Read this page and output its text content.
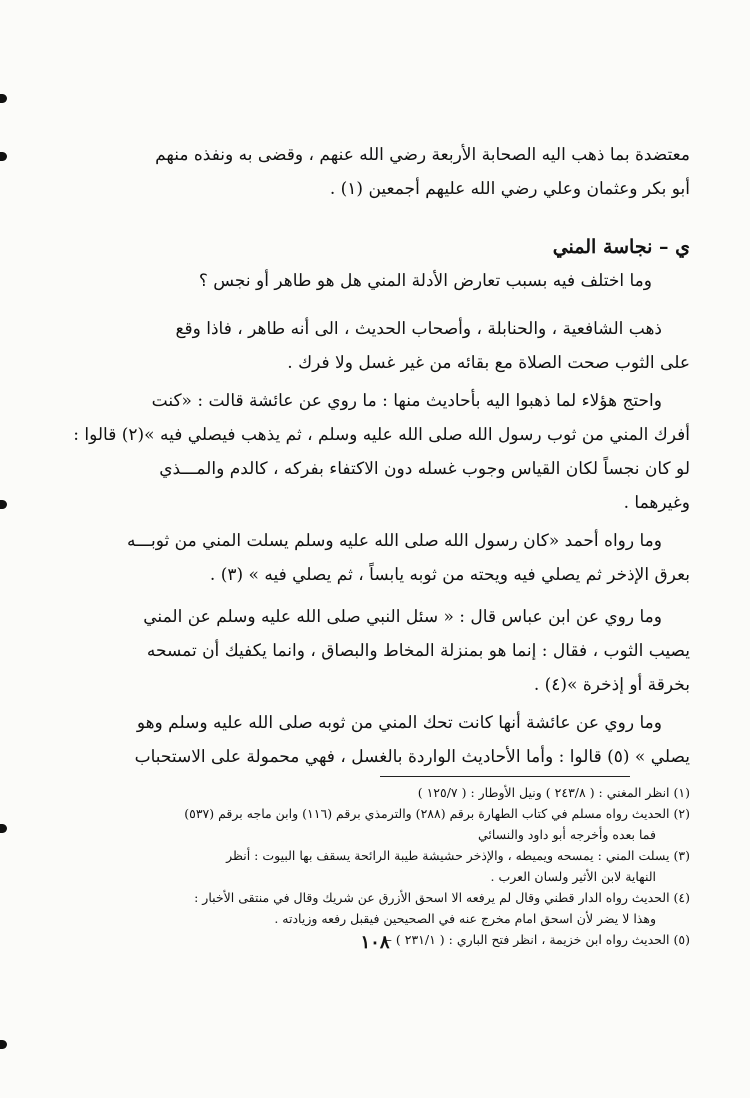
معتضدة بما ذهب اليه الصحابة الأربعة رضي الله عنهم ، وقضى به ونفذه منهم
أبو بكر وعثمان وعلي رضي الله عليهم أجمعين (١) .
ي – نجاسة المني
وما اختلف فيه بسبب تعارض الأدلة المني هل هو طاهر أو نجس ؟
ذهب الشافعية ، والحنابلة ، وأصحاب الحديث ، الى أنه طاهر ، فاذا وقع
على الثوب صحت الصلاة مع بقائه من غير غسل ولا فرك .
واحتج هؤلاء لما ذهبوا اليه بأحاديث منها : ما روي عن عائشة قالت : «كنت
أفرك المني من ثوب رسول الله صلى الله عليه وسلم ، ثم يذهب فيصلي فيه »(٢) قالوا :
لو كان نجساً لكان القياس وجوب غسله دون الاكتفاء بفركه ، كالدم والمـــذي
وغيرهما .
وما رواه أحمد «كان رسول الله صلى الله عليه وسلم يسلت المني من ثوبـــه
بعرق الإذخر ثم يصلي فيه ويحته من ثوبه يابساً ، ثم يصلي فيه » (٣) .
وما روي عن ابن عباس قال : « سئل النبي صلى الله عليه وسلم عن المني
يصيب الثوب ، فقال : إنما هو بمنزلة المخاط والبصاق ، وانما يكفيك أن تمسحه
بخرقة أو إذخرة »(٤) .
وما روي عن عائشة أنها كانت تحك المني من ثوبه صلى الله عليه وسلم وهو
يصلي » (٥) قالوا : وأما الأحاديث الواردة بالغسل ، فهي محمولة على الاستحباب
(١) انظر المغني : ( ٢٤٣/٨ ) ونيل الأوطار : ( ١٢٥/٧ )
(٢) الحديث رواه مسلم في كتاب الطهارة برقم (٢٨٨) والترمذي برقم (١١٦) وابن ماجه برقم (٥٣٧)
فما بعده وأخرجه أبو داود والنسائي
(٣) يسلت المني : يمسحه ويميطه ، والإذخر حشيشة طيبة الرائحة يسقف بها البيوت : أنظر
النهاية لابن الأثير ولسان العرب .
(٤) الحديث رواه الدار قطني وقال لم يرفعه الا اسحق الأزرق عن شريك وقال في منتقى الأخبار :
وهذا لا يضر لأن اسحق امام مخرج عنه في الصحيحين فيقبل رفعه وزيادته .
(٥) الحديث رواه ابن خزيمة ، انظر فتح الباري : ( ٢٣١/١ ) –
١٠٨
